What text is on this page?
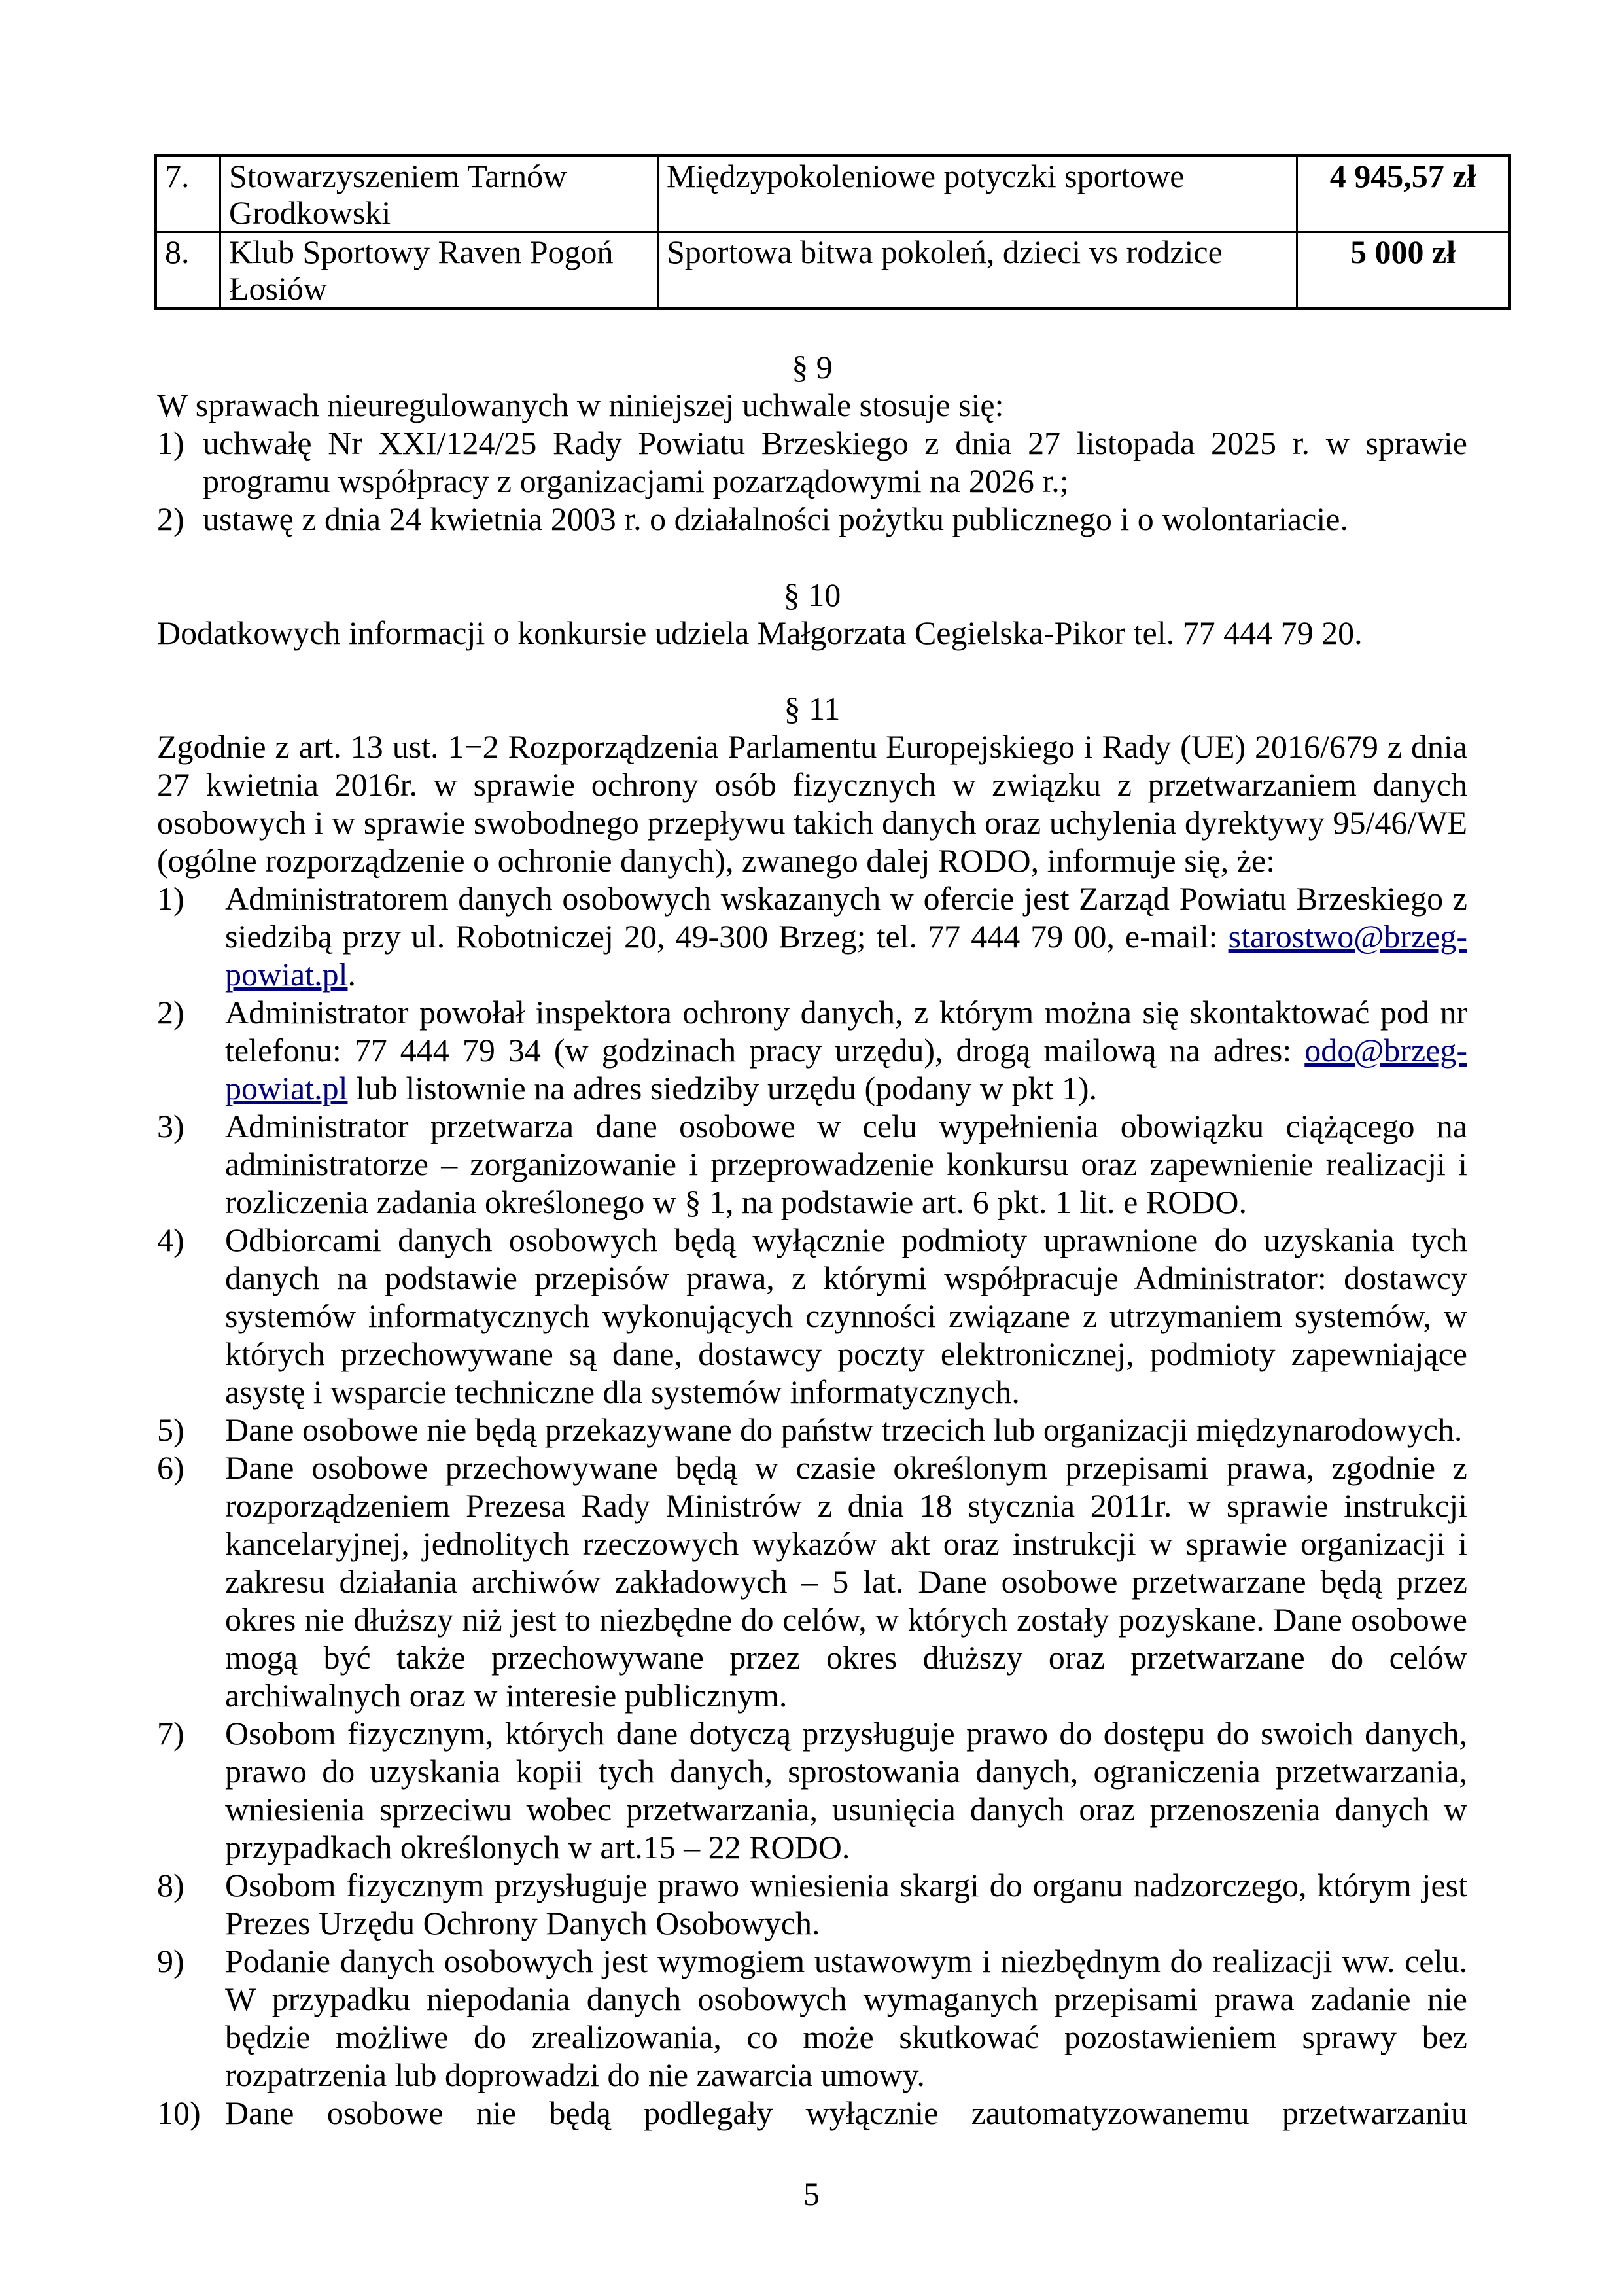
7.	Stowarzyszeniem Tarnów Grodkowski	Międzypokoleniowe potyczki sportowe	4 945,57 zł
8.	Klub Sportowy Raven Pogoń Łosiów	Sportowa bitwa pokoleń, dzieci vs rodzice	5 000 zł
§ 9

W sprawach nieuregulowanych w niniejszej uchwale stosuje się:

1) uchwałę Nr XXI/124/25 Rady Powiatu Brzeskiego z dnia 27 listopada 2025 r. w sprawie programu współpracy z organizacjami pozarządowymi na 2026 r.;
2) ustawę z dnia 24 kwietnia 2003 r. o działalności pożytku publicznego i o wolontariacie.
§ 10

Dodatkowych informacji o konkursie udziela Małgorzata Cegielska-Pikor tel. 77 444 79 20.

§ 11

Zgodnie z art. 13 ust. 1−2 Rozporządzenia Parlamentu Europejskiego i Rady (UE) 2016/679 z dnia 27 kwietnia 2016r. w sprawie ochrony osób fizycznych w związku z przetwarzaniem danych osobowych i w sprawie swobodnego przepływu takich danych oraz uchylenia dyrektywy 95/46/WE (ogólne rozporządzenie o ochronie danych), zwanego dalej RODO, informuje się, że:

1) Administratorem danych osobowych wskazanych w ofercie jest Zarząd Powiatu Brzeskiego z siedzibą przy ul. Robotniczej 20, 49-300 Brzeg; tel. 77 444 79 00, e-mail: starostwo@brzeg-powiat.pl.
2) Administrator powołał inspektora ochrony danych, z którym można się skontaktować pod nr telefonu: 77 444 79 34 (w godzinach pracy urzędu), drogą mailową na adres: odo@brzeg-powiat.pl lub listownie na adres siedziby urzędu (podany w pkt 1).
3) Administrator przetwarza dane osobowe w celu wypełnienia obowiązku ciążącego na administratorze – zorganizowanie i przeprowadzenie konkursu oraz zapewnienie realizacji i rozliczenia zadania określonego w § 1, na podstawie art. 6 pkt. 1 lit. e RODO.
4) Odbiorcami danych osobowych będą wyłącznie podmioty uprawnione do uzyskania tych danych na podstawie przepisów prawa, z którymi współpracuje Administrator: dostawcy systemów informatycznych wykonujących czynności związane z utrzymaniem systemów, w których przechowywane są dane, dostawcy poczty elektronicznej, podmioty zapewniające asystę i wsparcie techniczne dla systemów informatycznych.
5) Dane osobowe nie będą przekazywane do państw trzecich lub organizacji międzynarodowych.
6) Dane osobowe przechowywane będą w czasie określonym przepisami prawa, zgodnie z rozporządzeniem Prezesa Rady Ministrów z dnia 18 stycznia 2011r. w sprawie instrukcji kancelaryjnej, jednolitych rzeczowych wykazów akt oraz instrukcji w sprawie organizacji i zakresu działania archiwów zakładowych – 5 lat. Dane osobowe przetwarzane będą przez okres nie dłuższy niż jest to niezbędne do celów, w których zostały pozyskane. Dane osobowe mogą być także przechowywane przez okres dłuższy oraz przetwarzane do celów archiwalnych oraz w interesie publicznym.
7) Osobom fizycznym, których dane dotyczą przysługuje prawo do dostępu do swoich danych, prawo do uzyskania kopii tych danych, sprostowania danych, ograniczenia przetwarzania, wniesienia sprzeciwu wobec przetwarzania, usunięcia danych oraz przenoszenia danych w przypadkach określonych w art.15 – 22 RODO.
8) Osobom fizycznym przysługuje prawo wniesienia skargi do organu nadzorczego, którym jest Prezes Urzędu Ochrony Danych Osobowych.
9) Podanie danych osobowych jest wymogiem ustawowym i niezbędnym do realizacji ww. celu. W przypadku niepodania danych osobowych wymaganych przepisami prawa zadanie nie będzie możliwe do zrealizowania, co może skutkować pozostawieniem sprawy bez rozpatrzenia lub doprowadzi do nie zawarcia umowy.
10) Dane osobowe nie będą podlegały wyłącznie zautomatyzowanemu przetwarzaniu
5
